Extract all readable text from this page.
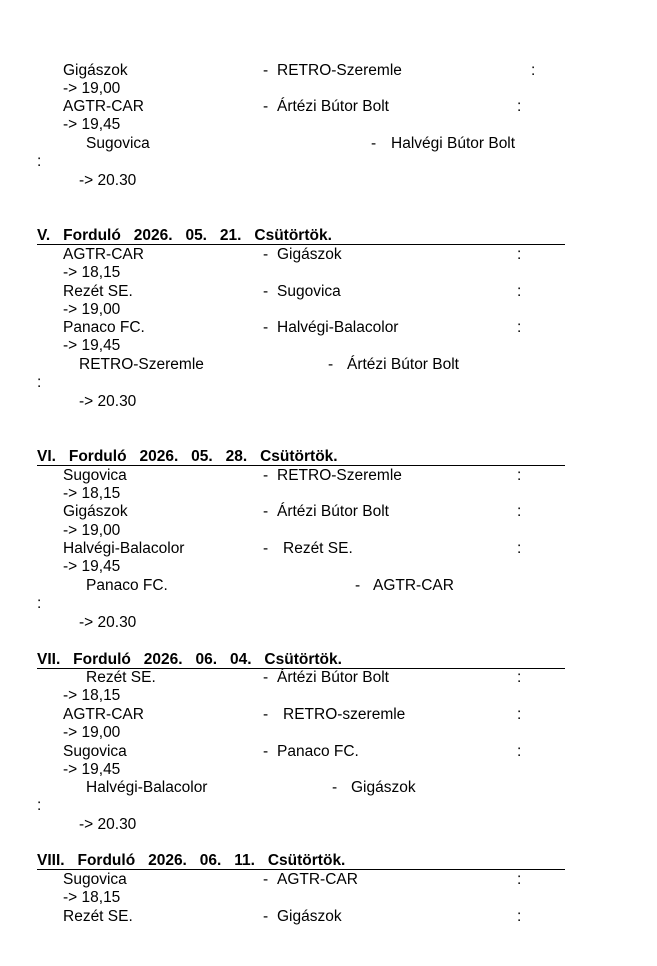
Gigászok	- RETRO-Szeremle	:
-> 19,00
AGTR-CAR	- Ártézi Bútor Bolt	:
-> 19,45
Sugovica	- Halvégi Bútor Bolt
:
-> 20.30
V.   Forduló   2026.   05.   21.   Csütörtök.
AGTR-CAR	- Gigászok	:
-> 18,15
Rezét SE.	- Sugovica	:
-> 19,00
Panaco FC.	- Halvégi-Balacolor	:
-> 19,45
RETRO-Szeremle	- Ártézi Bútor Bolt
:
-> 20.30
VI.   Forduló   2026.   05.   28.   Csütörtök.
Sugovica	- RETRO-Szeremle	:
-> 18,15
Gigászok	- Ártézi Bútor Bolt	:
-> 19,00
Halvégi-Balacolor	- Rezét SE.	:
-> 19,45
Panaco FC.	- AGTR-CAR
:
-> 20.30
VII.   Forduló   2026.   06.   04.   Csütörtök.
Rezét SE.	- Ártézi Bútor Bolt	:
-> 18,15
AGTR-CAR	- RETRO-szeremle	:
-> 19,00
Sugovica	- Panaco FC.	:
-> 19,45
Halvégi-Balacolor	- Gigászok
:
-> 20.30
VIII.   Forduló   2026.   06.   11.   Csütörtök.
Sugovica	- AGTR-CAR	:
-> 18,15
Rezét SE.	- Gigászok	:
